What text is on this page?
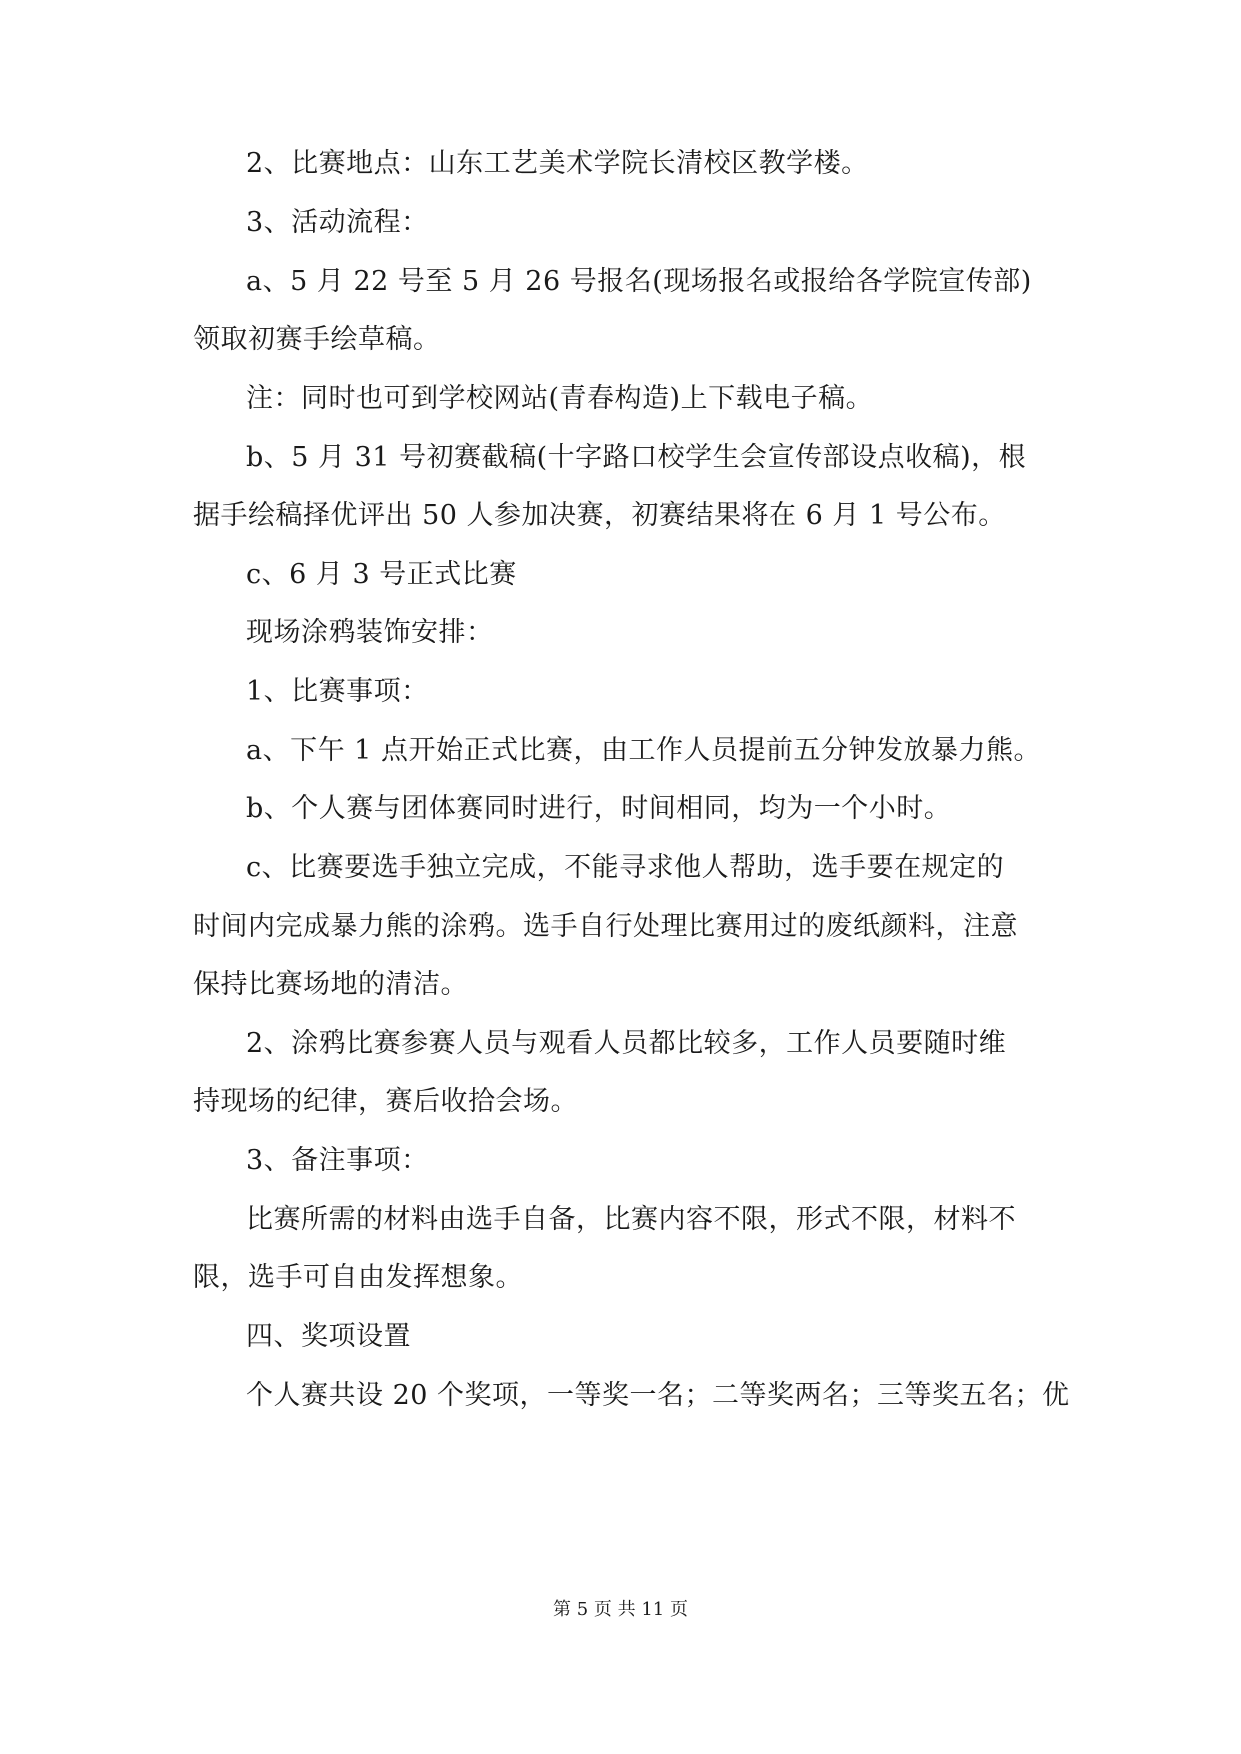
2、比赛地点：山东工艺美术学院长清校区教学楼。
3、活动流程：
a、5 月 22 号至 5 月 26 号报名(现场报名或报给各学院宣传部)
领取初赛手绘草稿。
注：同时也可到学校网站(青春构造)上下载电子稿。
b、5 月 31 号初赛截稿(十字路口校学生会宣传部设点收稿)，根
据手绘稿择优评出 50 人参加决赛，初赛结果将在 6 月 1 号公布。
c、6 月 3 号正式比赛
现场涂鸦装饰安排：
1、比赛事项：
a、下午 1 点开始正式比赛，由工作人员提前五分钟发放暴力熊。
b、个人赛与团体赛同时进行，时间相同，均为一个小时。
c、比赛要选手独立完成，不能寻求他人帮助，选手要在规定的
时间内完成暴力熊的涂鸦。选手自行处理比赛用过的废纸颜料，注意
保持比赛场地的清洁。
2、涂鸦比赛参赛人员与观看人员都比较多，工作人员要随时维
持现场的纪律，赛后收拾会场。
3、备注事项：
比赛所需的材料由选手自备，比赛内容不限，形式不限，材料不
限，选手可自由发挥想象。
四、奖项设置
个人赛共设 20 个奖项，一等奖一名；二等奖两名；三等奖五名；优
第 5 页 共 11 页
